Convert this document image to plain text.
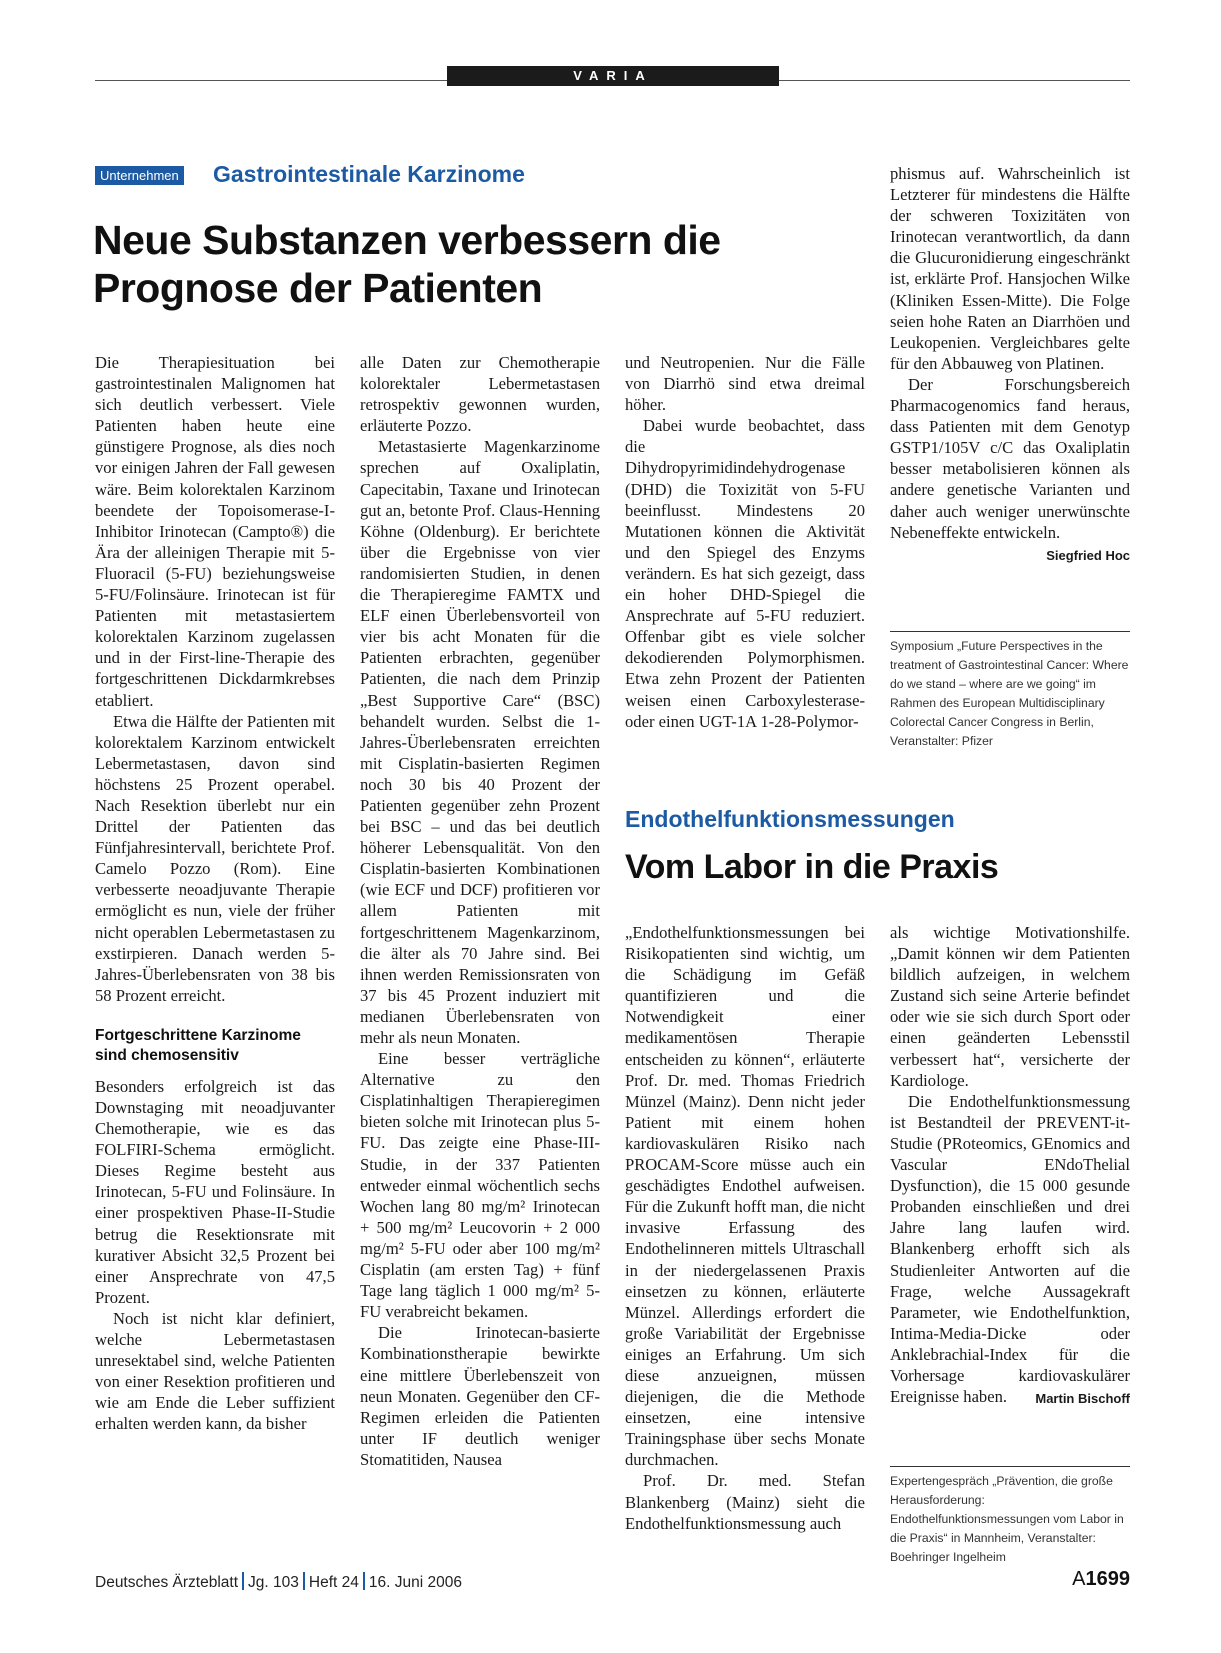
VARIA
Unternehmen Gastrointestinale Karzinome
Neue Substanzen verbessern die
Prognose der Patienten

Die Therapiesituation bei gastrointestinalen Malignomen hat sich deutlich verbessert. Viele Patienten haben heute eine günstigere Prognose, als dies noch vor einigen Jahren der Fall gewesen wäre. Beim kolorektalen Karzinom beendete der Topoisomerase-I-Inhibitor Irinotecan (Campto®) die Ära der alleinigen Therapie mit 5-Fluoracil (5-FU) beziehungsweise 5-FU/Folinsäure. Irinotecan ist für Patienten mit metastasiertem kolorektalen Karzinom zugelassen und in der First-line-Therapie des fortgeschrittenen Dickdarmkrebses etabliert.

Etwa die Hälfte der Patienten mit kolorektalem Karzinom entwickelt Lebermetastasen, davon sind höchstens 25 Prozent operabel. Nach Resektion überlebt nur ein Drittel der Patienten das Fünfjahresintervall, berichtete Prof. Camelo Pozzo (Rom). Eine verbesserte neoadjuvante Therapie ermöglicht es nun, viele der früher nicht operablen Lebermetastasen zu exstirpieren. Danach werden 5-Jahres-Überlebensraten von 38 bis 58 Prozent erreicht.

Fortgeschrittene Karzinome sind chemosensitiv

Besonders erfolgreich ist das Downstaging mit neoadjuvanter Chemotherapie, wie es das FOLFIRI-Schema ermöglicht. Dieses Regime besteht aus Irinotecan, 5-FU und Folinsäure. In einer prospektiven Phase-II-Studie betrug die Resektionsrate mit kurativer Absicht 32,5 Prozent bei einer Ansprechrate von 47,5 Prozent.

Noch ist nicht klar definiert, welche Lebermetastasen unresektabel sind, welche Patienten von einer Resektion profitieren und wie am Ende die Leber suffizient erhalten werden kann, da bisher

alle Daten zur Chemotherapie kolorektaler Lebermetastasen retrospektiv gewonnen wurden, erläuterte Pozzo.

Metastasierte Magenkarzinome sprechen auf Oxaliplatin, Capecitabin, Taxane und Irinotecan gut an, betonte Prof. Claus-Henning Köhne (Oldenburg). Er berichtete über die Ergebnisse von vier randomisierten Studien, in denen die Therapieregime FAMTX und ELF einen Überlebensvorteil von vier bis acht Monaten für die Patienten erbrachten, gegenüber Patienten, die nach dem Prinzip „Best Supportive Care“ (BSC) behandelt wurden. Selbst die 1-Jahres-Überlebensraten erreichten mit Cisplatin-basierten Regimen noch 30 bis 40 Prozent der Patienten gegenüber zehn Prozent bei BSC – und das bei deutlich höherer Lebensqualität. Von den Cisplatin-basierten Kombinationen (wie ECF und DCF) profitieren vor allem Patienten mit fortgeschrittenem Magenkarzinom, die älter als 70 Jahre sind. Bei ihnen werden Remissionsraten von 37 bis 45 Prozent induziert mit medianen Überlebensraten von mehr als neun Monaten.

Eine besser verträgliche Alternative zu den Cisplatinhaltigen Therapieregimen bieten solche mit Irinotecan plus 5-FU. Das zeigte eine Phase-III-Studie, in der 337 Patienten entweder einmal wöchentlich sechs Wochen lang 80 mg/m² Irinotecan + 500 mg/m² Leucovorin + 2 000 mg/m² 5-FU oder aber 100 mg/m² Cisplatin (am ersten Tag) + fünf Tage lang täglich 1 000 mg/m² 5-FU verabreicht bekamen.

Die Irinotecan-basierte Kombinationstherapie bewirkte eine mittlere Überlebenszeit von neun Monaten. Gegenüber den CF-Regimen erleiden die Patienten unter IF deutlich weniger Stomatitiden, Nausea

und Neutropenien. Nur die Fälle von Diarrhö sind etwa dreimal höher.

Dabei wurde beobachtet, dass die Dihydropyrimidindehydrogenase (DHD) die Toxizität von 5-FU beeinflusst. Mindestens 20 Mutationen können die Aktivität und den Spiegel des Enzyms verändern. Es hat sich gezeigt, dass ein hoher DHD-Spiegel die Ansprechrate auf 5-FU reduziert. Offenbar gibt es viele solcher dekodierenden Polymorphismen. Etwa zehn Prozent der Patienten weisen einen Carboxylesterase- oder einen UGT-1A 1-28-Polymor-

phismus auf. Wahrscheinlich ist Letzterer für mindestens die Hälfte der schweren Toxizitäten von Irinotecan verantwortlich, da dann die Glucuronidierung eingeschränkt ist, erklärte Prof. Hansjochen Wilke (Kliniken Essen-Mitte). Die Folge seien hohe Raten an Diarrhöen und Leukopenien. Vergleichbares gelte für den Abbauweg von Platinen.

Der Forschungsbereich Pharmacogenomics fand heraus, dass Patienten mit dem Genotyp GSTP1/105V c/C das Oxaliplatin besser metabolisieren können als andere genetische Varianten und daher auch weniger unerwünschte Nebeneffekte entwickeln.
Siegfried Hoc

Symposium „Future Perspectives in the treatment of Gastrointestinal Cancer: Where do we stand – where are we going“ im Rahmen des European Multidisciplinary Colorectal Cancer Congress in Berlin, Veranstalter: Pfizer
Endothelfunktionsmessungen
Vom Labor in die Praxis

„Endothelfunktionsmessungen bei Risikopatienten sind wichtig, um die Schädigung im Gefäß quantifizieren und die Notwendigkeit einer medikamentösen Therapie entscheiden zu können“, erläuterte Prof. Dr. med. Thomas Friedrich Münzel (Mainz). Denn nicht jeder Patient mit einem hohen kardiovaskulären Risiko nach PROCAM-Score müsse auch ein geschädigtes Endothel aufweisen. Für die Zukunft hofft man, die nicht invasive Erfassung des Endothelinneren mittels Ultraschall in der niedergelassenen Praxis einsetzen zu können, erläuterte Münzel. Allerdings erfordert die große Variabilität der Ergebnisse einiges an Erfahrung. Um sich diese anzueignen, müssen diejenigen, die die Methode einsetzen, eine intensive Trainingsphase über sechs Monate durchmachen.

Prof. Dr. med. Stefan Blankenberg (Mainz) sieht die Endothelfunktionsmessung auch

als wichtige Motivationshilfe. „Damit können wir dem Patienten bildlich aufzeigen, in welchem Zustand sich seine Arterie befindet oder wie sie sich durch Sport oder einen geänderten Lebensstil verbessert hat“, versicherte der Kardiologe.

Die Endothelfunktionsmessung ist Bestandteil der PREVENT-it-Studie (PRoteomics, GEnomics and Vascular ENdoThelial Dysfunction), die 15 000 gesunde Probanden einschließen und drei Jahre lang laufen wird. Blankenberg erhofft sich als Studienleiter Antworten auf die Frage, welche Aussagekraft Parameter, wie Endothelfunktion, Intima-Media-Dicke oder Anklebrachial-Index für die Vorhersage kardiovaskulärer Ereignisse haben.	Martin Bischoff

Expertengespräch „Prävention, die große Herausforderung: Endothelfunktionsmessungen vom Labor in die Praxis“ in Mannheim, Veranstalter: Boehringer Ingelheim
Deutsches Ärzteblatt Jg. 103 Heft 24 16. Juni 2006	A1699
